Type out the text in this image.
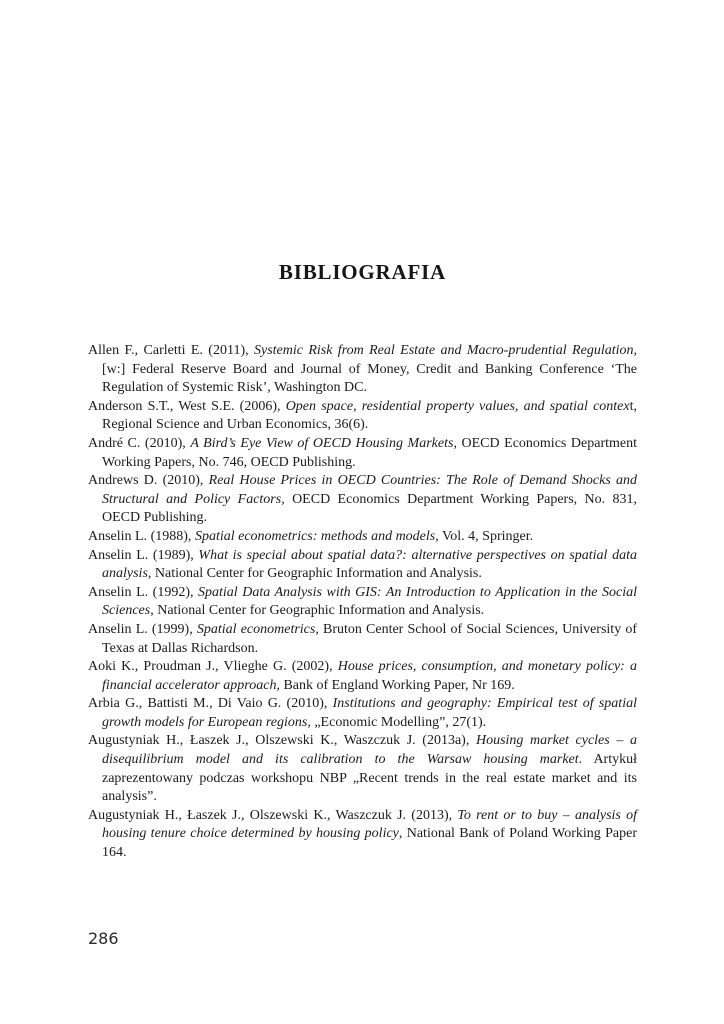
BIBLIOGRAFIA

Allen F., Carletti E. (2011), Systemic Risk from Real Estate and Macro-prudential Regulation, [w:] Federal Reserve Board and Journal of Money, Credit and Banking Conference ‘The Regulation of Systemic Risk’, Washington DC.

Anderson S.T., West S.E. (2006), Open space, residential property values, and spatial context, Regional Science and Urban Economics, 36(6).

André C. (2010), A Bird’s Eye View of OECD Housing Markets, OECD Economics Department Working Papers, No. 746, OECD Publishing.

Andrews D. (2010), Real House Prices in OECD Countries: The Role of Demand Shocks and Structural and Policy Factors, OECD Economics Department Working Papers, No. 831, OECD Publishing.

Anselin L. (1988), Spatial econometrics: methods and models, Vol. 4, Springer.

Anselin L. (1989), What is special about spatial data?: alternative perspectives on spatial data analysis, National Center for Geographic Information and Analysis.

Anselin L. (1992), Spatial Data Analysis with GIS: An Introduction to Application in the Social Sciences, National Center for Geographic Information and Analysis.

Anselin L. (1999), Spatial econometrics, Bruton Center School of Social Sciences, University of Texas at Dallas Richardson.

Aoki K., Proudman J., Vlieghe G. (2002), House prices, consumption, and monetary policy: a financial accelerator approach, Bank of England Working Paper, Nr 169.

Arbia G., Battisti M., Di Vaio G. (2010), Institutions and geography: Empirical test of spatial growth models for European regions, „Economic Modelling”, 27(1).

Augustyniak H., Łaszek J., Olszewski K., Waszczuk J. (2013a), Housing market cycles – a disequilibrium model and its calibration to the Warsaw housing market. Artykuł zaprezentowany podczas workshopu NBP „Recent trends in the real estate market and its analysis”.

Augustyniak H., Łaszek J., Olszewski K., Waszczuk J. (2013), To rent or to buy – analysis of housing tenure choice determined by housing policy, National Bank of Poland Working Paper 164.

286
